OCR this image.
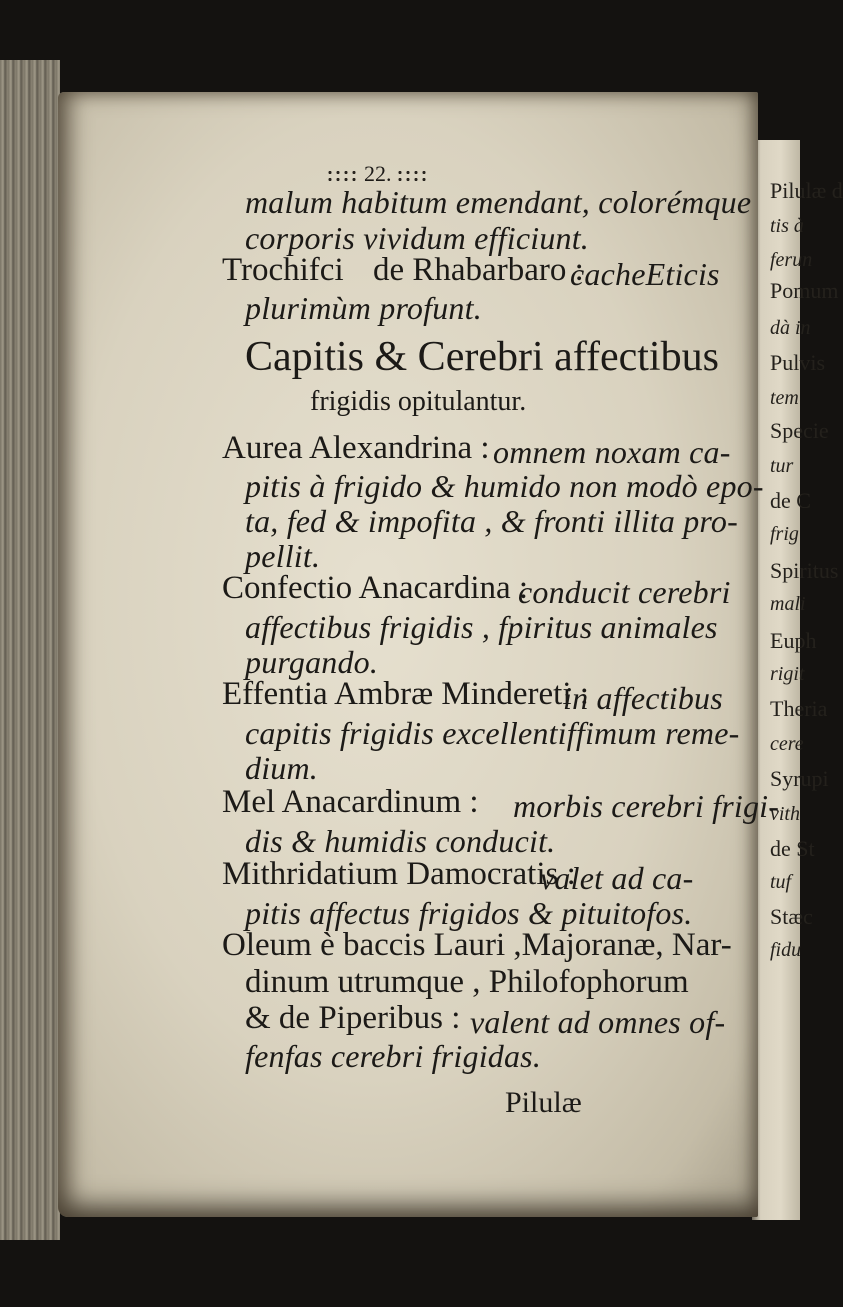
22.
malum habitum emendant, colorémque
corporis vividum efficiunt.
Trochifci de Rhabarbaro :
cacheEticis
plurimùm profunt.
Capitis & Cerebri affectibus
frigidis opitulantur.
Aurea Alexandrina : omnem noxam ca-
pitis à frigido & humido non modò epo-
ta, fed & impofita , & fronti illita pro-
pellit.
Confectio Anacardina :
conducit cerebri
affectibus frigidis , fpiritus animales
purgando.
Effentia Ambræ Mindereti :
in affectibus
capitis frigidis excellentiffimum reme-
dium.
Mel Anacardinum : morbis cerebri frigi-
dis & humidis conducit.
Mithridatium Damocratis :
valet ad ca-
pitis affectus frigidos & pituitofos.
Oleum è baccis Lauri ,Majoranæ, Nar-
dinum utrumque , Philofophorum
& de Piperibus : valent ad omnes of-
fenfas cerebri frigidas.
Pilulæ
Pilulæ d
tis à
ferun
Pomum
dà in
Pulvis
tem
Specie
tur
de C
frig
Spiritus
mali
Euph
rigit
Theria
cere
Syrupi
vith
de St
tuf
Stæc
fidu
